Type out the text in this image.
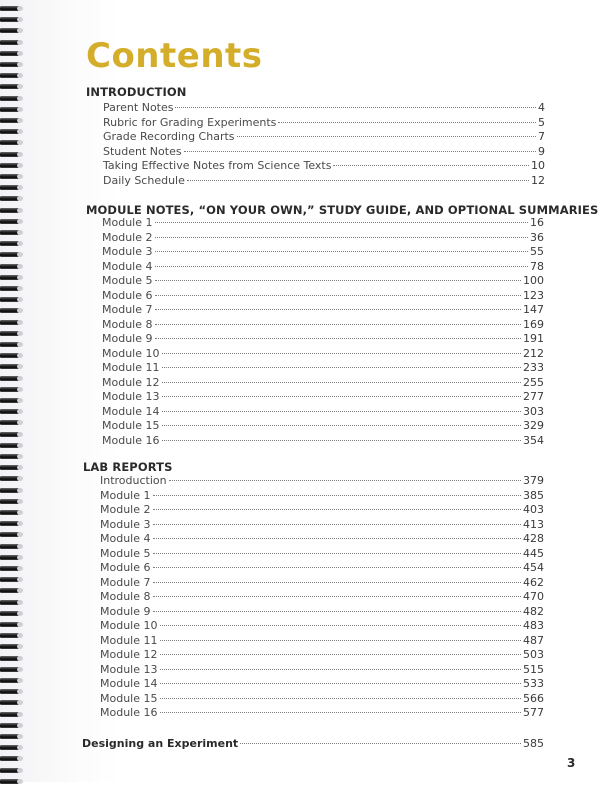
Contents
INTRODUCTION
Parent Notes	4
Rubric for Grading Experiments	5
Grade Recording Charts	7
Student Notes	9
Taking Effective Notes from Science Texts	10
Daily Schedule	12
MODULE NOTES, “ON YOUR OWN,” STUDY GUIDE, AND OPTIONAL SUMMARIES
Module 1	16
Module 2	36
Module 3	55
Module 4	78
Module 5	100
Module 6	123
Module 7	147
Module 8	169
Module 9	191
Module 10	212
Module 11	233
Module 12	255
Module 13	277
Module 14	303
Module 15	329
Module 16	354
LAB REPORTS
Introduction	379
Module 1	385
Module 2	403
Module 3	413
Module 4	428
Module 5	445
Module 6	454
Module 7	462
Module 8	470
Module 9	482
Module 10	483
Module 11	487
Module 12	503
Module 13	515
Module 14	533
Module 15	566
Module 16	577
Designing an Experiment	585
3
